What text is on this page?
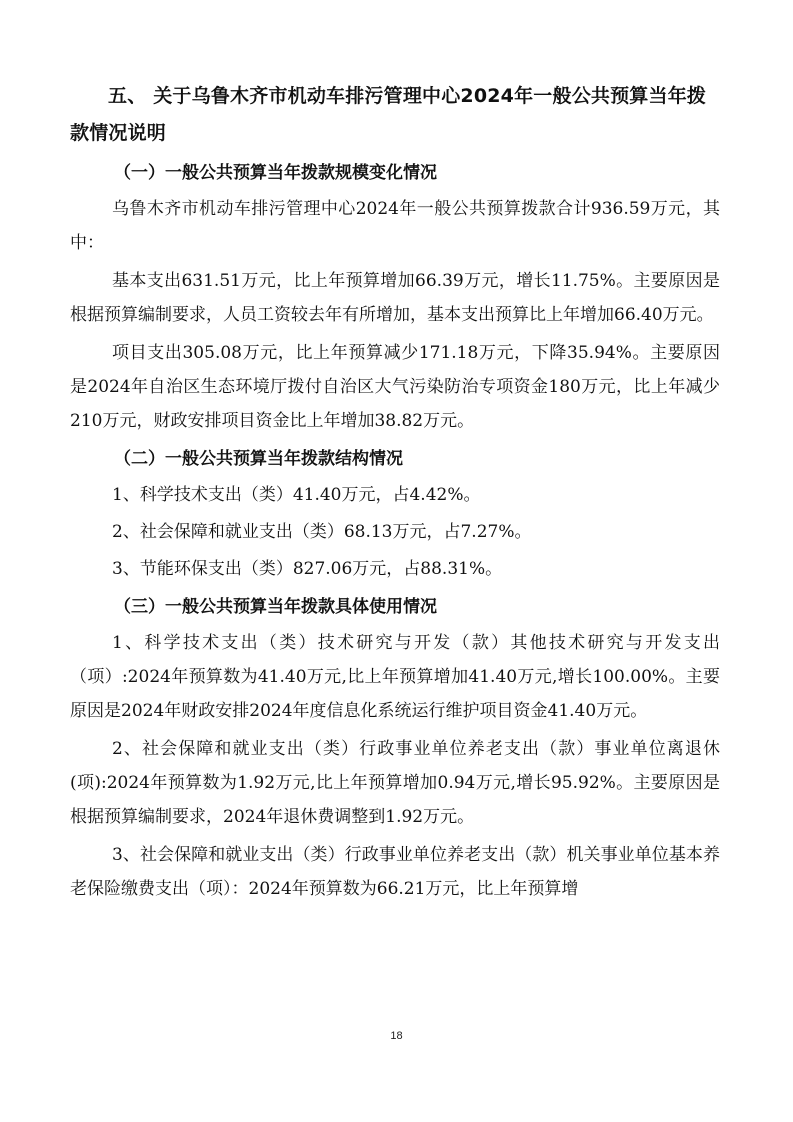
五、 关于乌鲁木齐市机动车排污管理中心2024年一般公共预算当年拨款情况说明

（一）一般公共预算当年拨款规模变化情况

乌鲁木齐市机动车排污管理中心2024年一般公共预算拨款合计936.59万元，其中：

基本支出631.51万元，比上年预算增加66.39万元，增长11.75%。主要原因是根据预算编制要求，人员工资较去年有所增加，基本支出预算比上年增加66.40万元。

项目支出305.08万元，比上年预算减少171.18万元，下降35.94%。主要原因是2024年自治区生态环境厅拨付自治区大气污染防治专项资金180万元，比上年减少210万元，财政安排项目资金比上年增加38.82万元。

（二）一般公共预算当年拨款结构情况

1、科学技术支出（类）41.40万元，占4.42%。

2、社会保障和就业支出（类）68.13万元，占7.27%。

3、节能环保支出（类）827.06万元，占88.31%。

（三）一般公共预算当年拨款具体使用情况

1、科学技术支出（类）技术研究与开发（款）其他技术研究与开发支出（项）:2024年预算数为41.40万元,比上年预算增加41.40万元,增长100.00%。主要原因是2024年财政安排2024年度信息化系统运行维护项目资金41.40万元。

2、社会保障和就业支出（类）行政事业单位养老支出（款）事业单位离退休(项):2024年预算数为1.92万元,比上年预算增加0.94万元,增长95.92%。主要原因是根据预算编制要求，2024年退休费调整到1.92万元。

3、社会保障和就业支出（类）行政事业单位养老支出（款）机关事业单位基本养老保险缴费支出（项）：2024年预算数为66.21万元，比上年预算增

18
